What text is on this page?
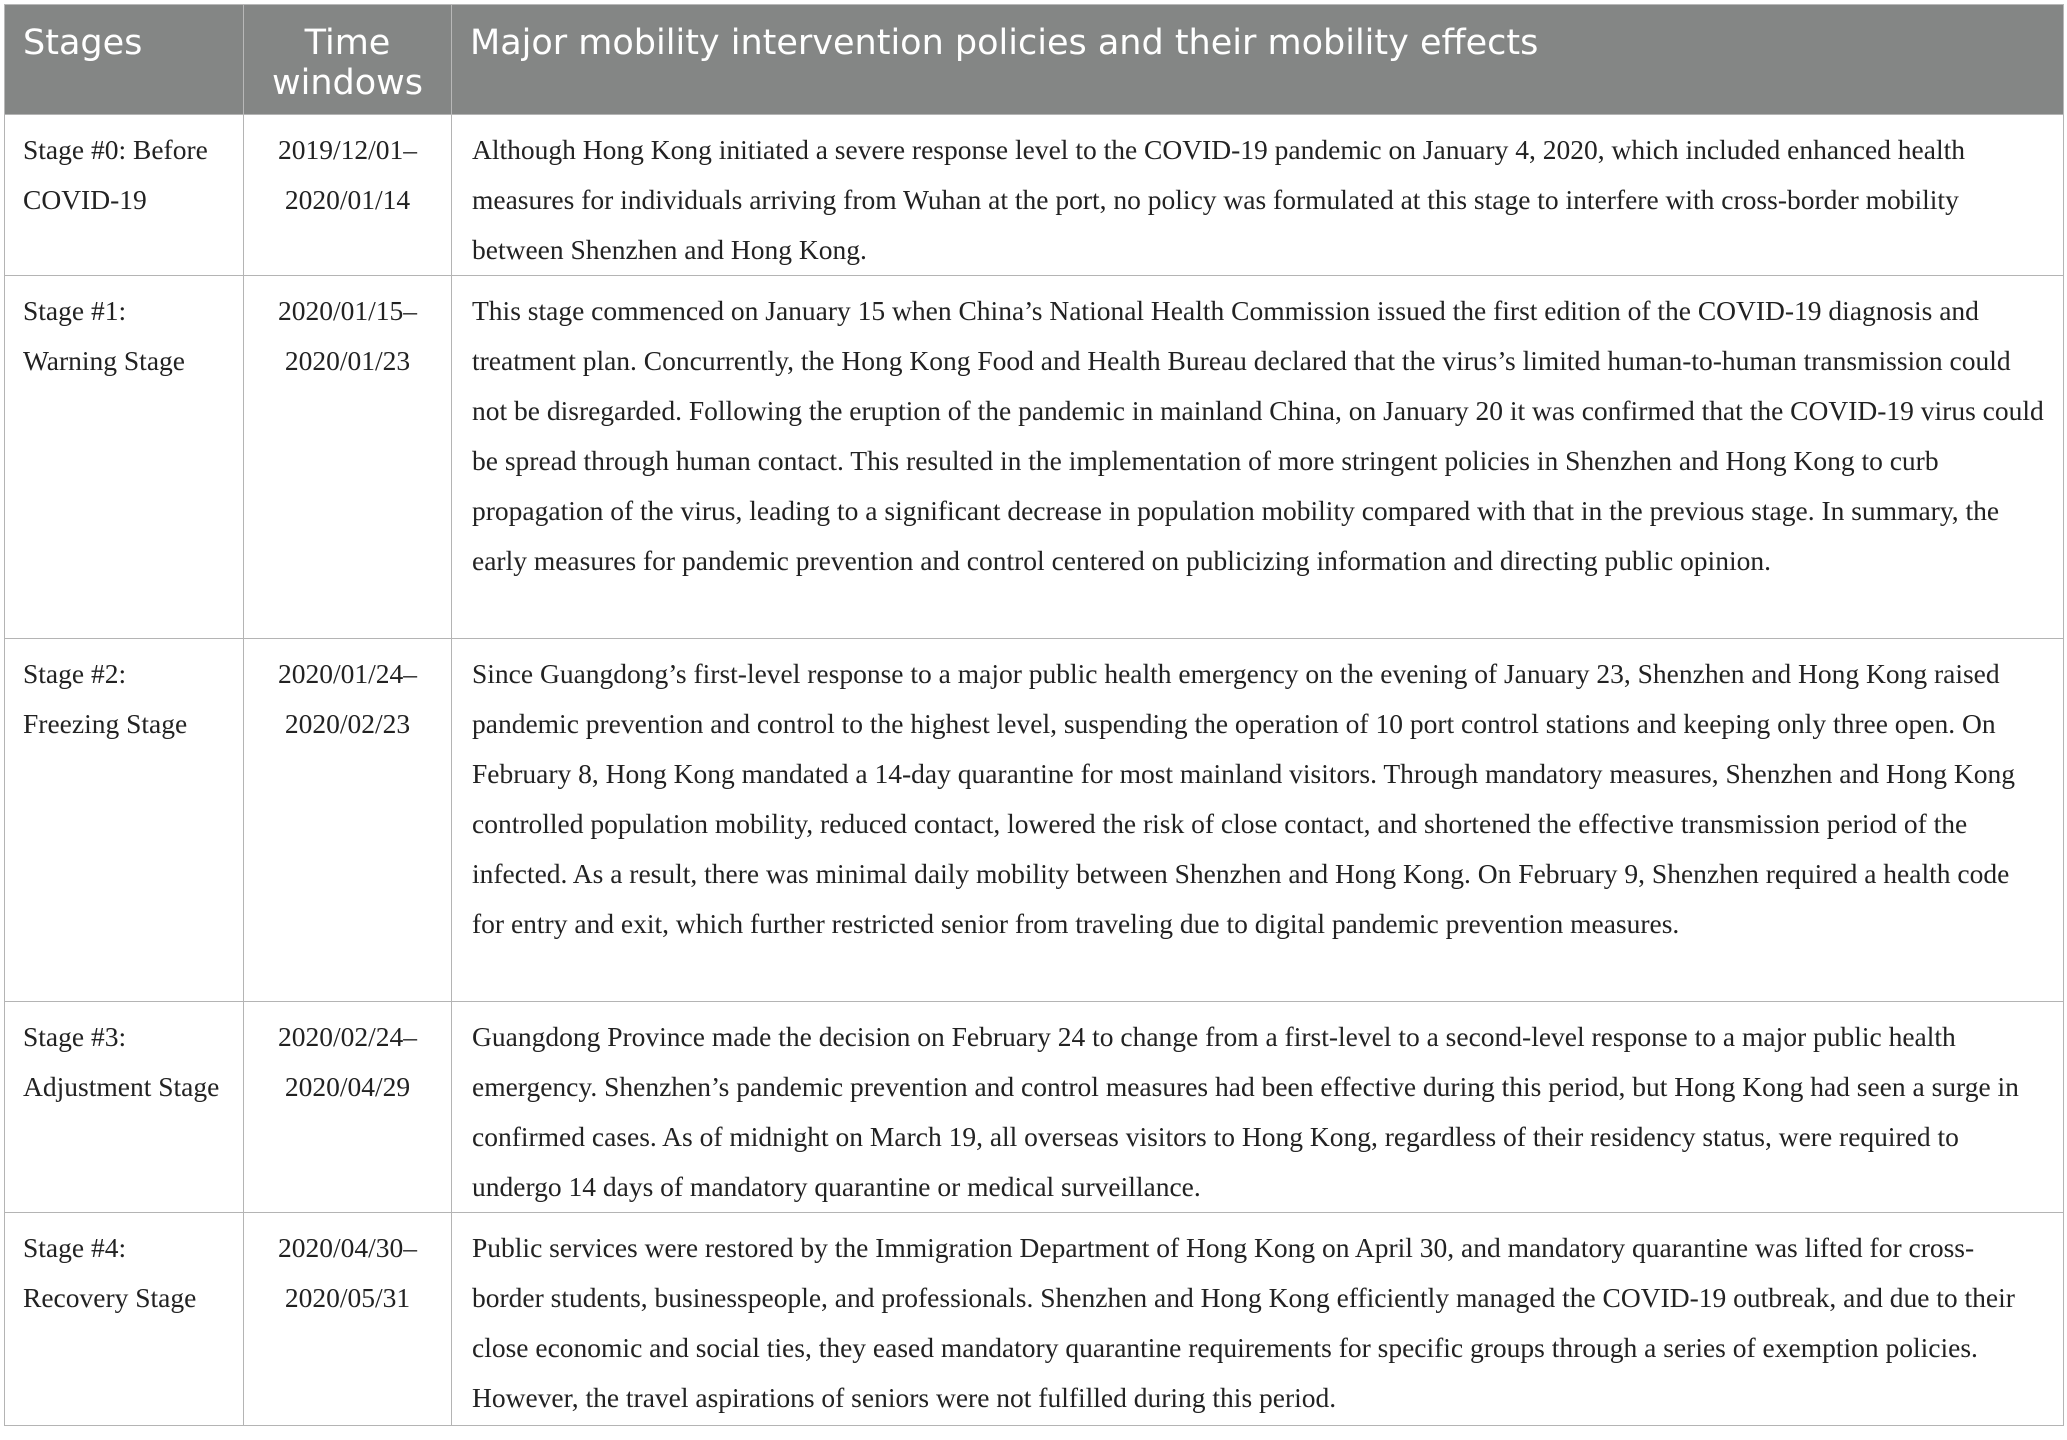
Stages	Time windows	Major mobility intervention policies and their mobility effects
Stage #0: Before COVID-19	2019/12/01–2020/01/14	Although Hong Kong initiated a severe response level to the COVID-19 pandemic on January 4, 2020, which included enhanced health measures for individuals arriving from Wuhan at the port, no policy was formulated at this stage to interfere with cross-border mobility between Shenzhen and Hong Kong.
Stage #1: Warning Stage	2020/01/15–2020/01/23	This stage commenced on January 15 when China’s National Health Commission issued the first edition of the COVID-19 diagnosis and treatment plan. Concurrently, the Hong Kong Food and Health Bureau declared that the virus’s limited human-to-human transmission could not be disregarded. Following the eruption of the pandemic in mainland China, on January 20 it was confirmed that the COVID-19 virus could be spread through human contact. This resulted in the implementation of more stringent policies in Shenzhen and Hong Kong to curb propagation of the virus, leading to a significant decrease in population mobility compared with that in the previous stage. In summary, the early measures for pandemic prevention and control centered on publicizing information and directing public opinion.
Stage #2: Freezing Stage	2020/01/24–2020/02/23	Since Guangdong’s first-level response to a major public health emergency on the evening of January 23, Shenzhen and Hong Kong raised pandemic prevention and control to the highest level, suspending the operation of 10 port control stations and keeping only three open. On February 8, Hong Kong mandated a 14-day quarantine for most mainland visitors. Through mandatory measures, Shenzhen and Hong Kong controlled population mobility, reduced contact, lowered the risk of close contact, and shortened the effective transmission period of the infected. As a result, there was minimal daily mobility between Shenzhen and Hong Kong. On February 9, Shenzhen required a health code for entry and exit, which further restricted senior from traveling due to digital pandemic prevention measures.
Stage #3: Adjustment Stage	2020/02/24–2020/04/29	Guangdong Province made the decision on February 24 to change from a first-level to a second-level response to a major public health emergency. Shenzhen’s pandemic prevention and control measures had been effective during this period, but Hong Kong had seen a surge in confirmed cases. As of midnight on March 19, all overseas visitors to Hong Kong, regardless of their residency status, were required to undergo 14 days of mandatory quarantine or medical surveillance.
Stage #4: Recovery Stage	2020/04/30–2020/05/31	Public services were restored by the Immigration Department of Hong Kong on April 30, and mandatory quarantine was lifted for cross-border students, businesspeople, and professionals. Shenzhen and Hong Kong efficiently managed the COVID-19 outbreak, and due to their close economic and social ties, they eased mandatory quarantine requirements for specific groups through a series of exemption policies. However, the travel aspirations of seniors were not fulfilled during this period.
